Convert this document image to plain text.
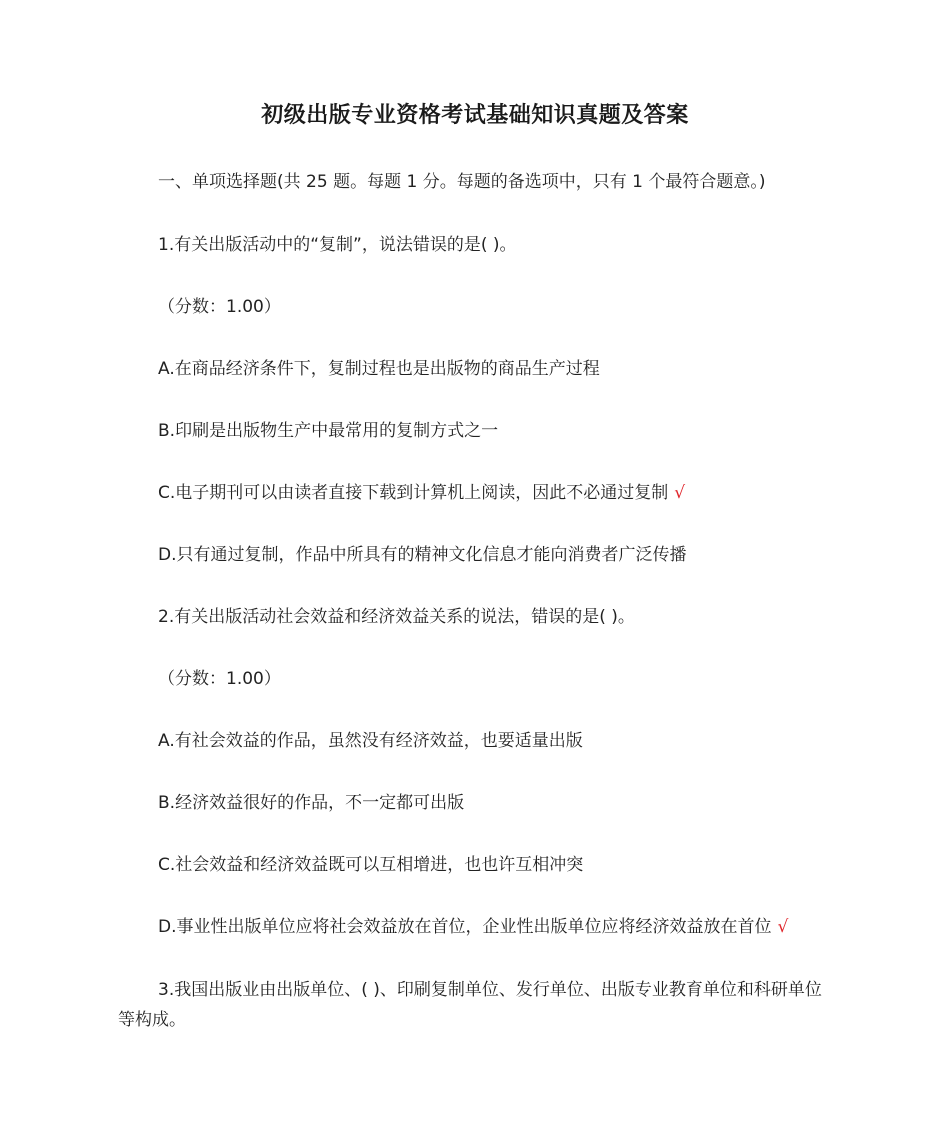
初级出版专业资格考试基础知识真题及答案
一、单项选择题(共 25 题。每题 1 分。每题的备选项中，只有 1 个最符合题意。)
1.有关出版活动中的“复制”，说法错误的是( )。
（分数：1.00）
A.在商品经济条件下，复制过程也是出版物的商品生产过程
B.印刷是出版物生产中最常用的复制方式之一
C.电子期刊可以由读者直接下载到计算机上阅读，因此不必通过复制 √
D.只有通过复制，作品中所具有的精神文化信息才能向消费者广泛传播
2.有关出版活动社会效益和经济效益关系的说法，错误的是( )。
（分数：1.00）
A.有社会效益的作品，虽然没有经济效益，也要适量出版
B.经济效益很好的作品，不一定都可出版
C.社会效益和经济效益既可以互相增进，也也许互相冲突
D.事业性出版单位应将社会效益放在首位，企业性出版单位应将经济效益放在首位 √
3.我国出版业由出版单位、( )、印刷复制单位、发行单位、出版专业教育单位和科研单位等构成。
